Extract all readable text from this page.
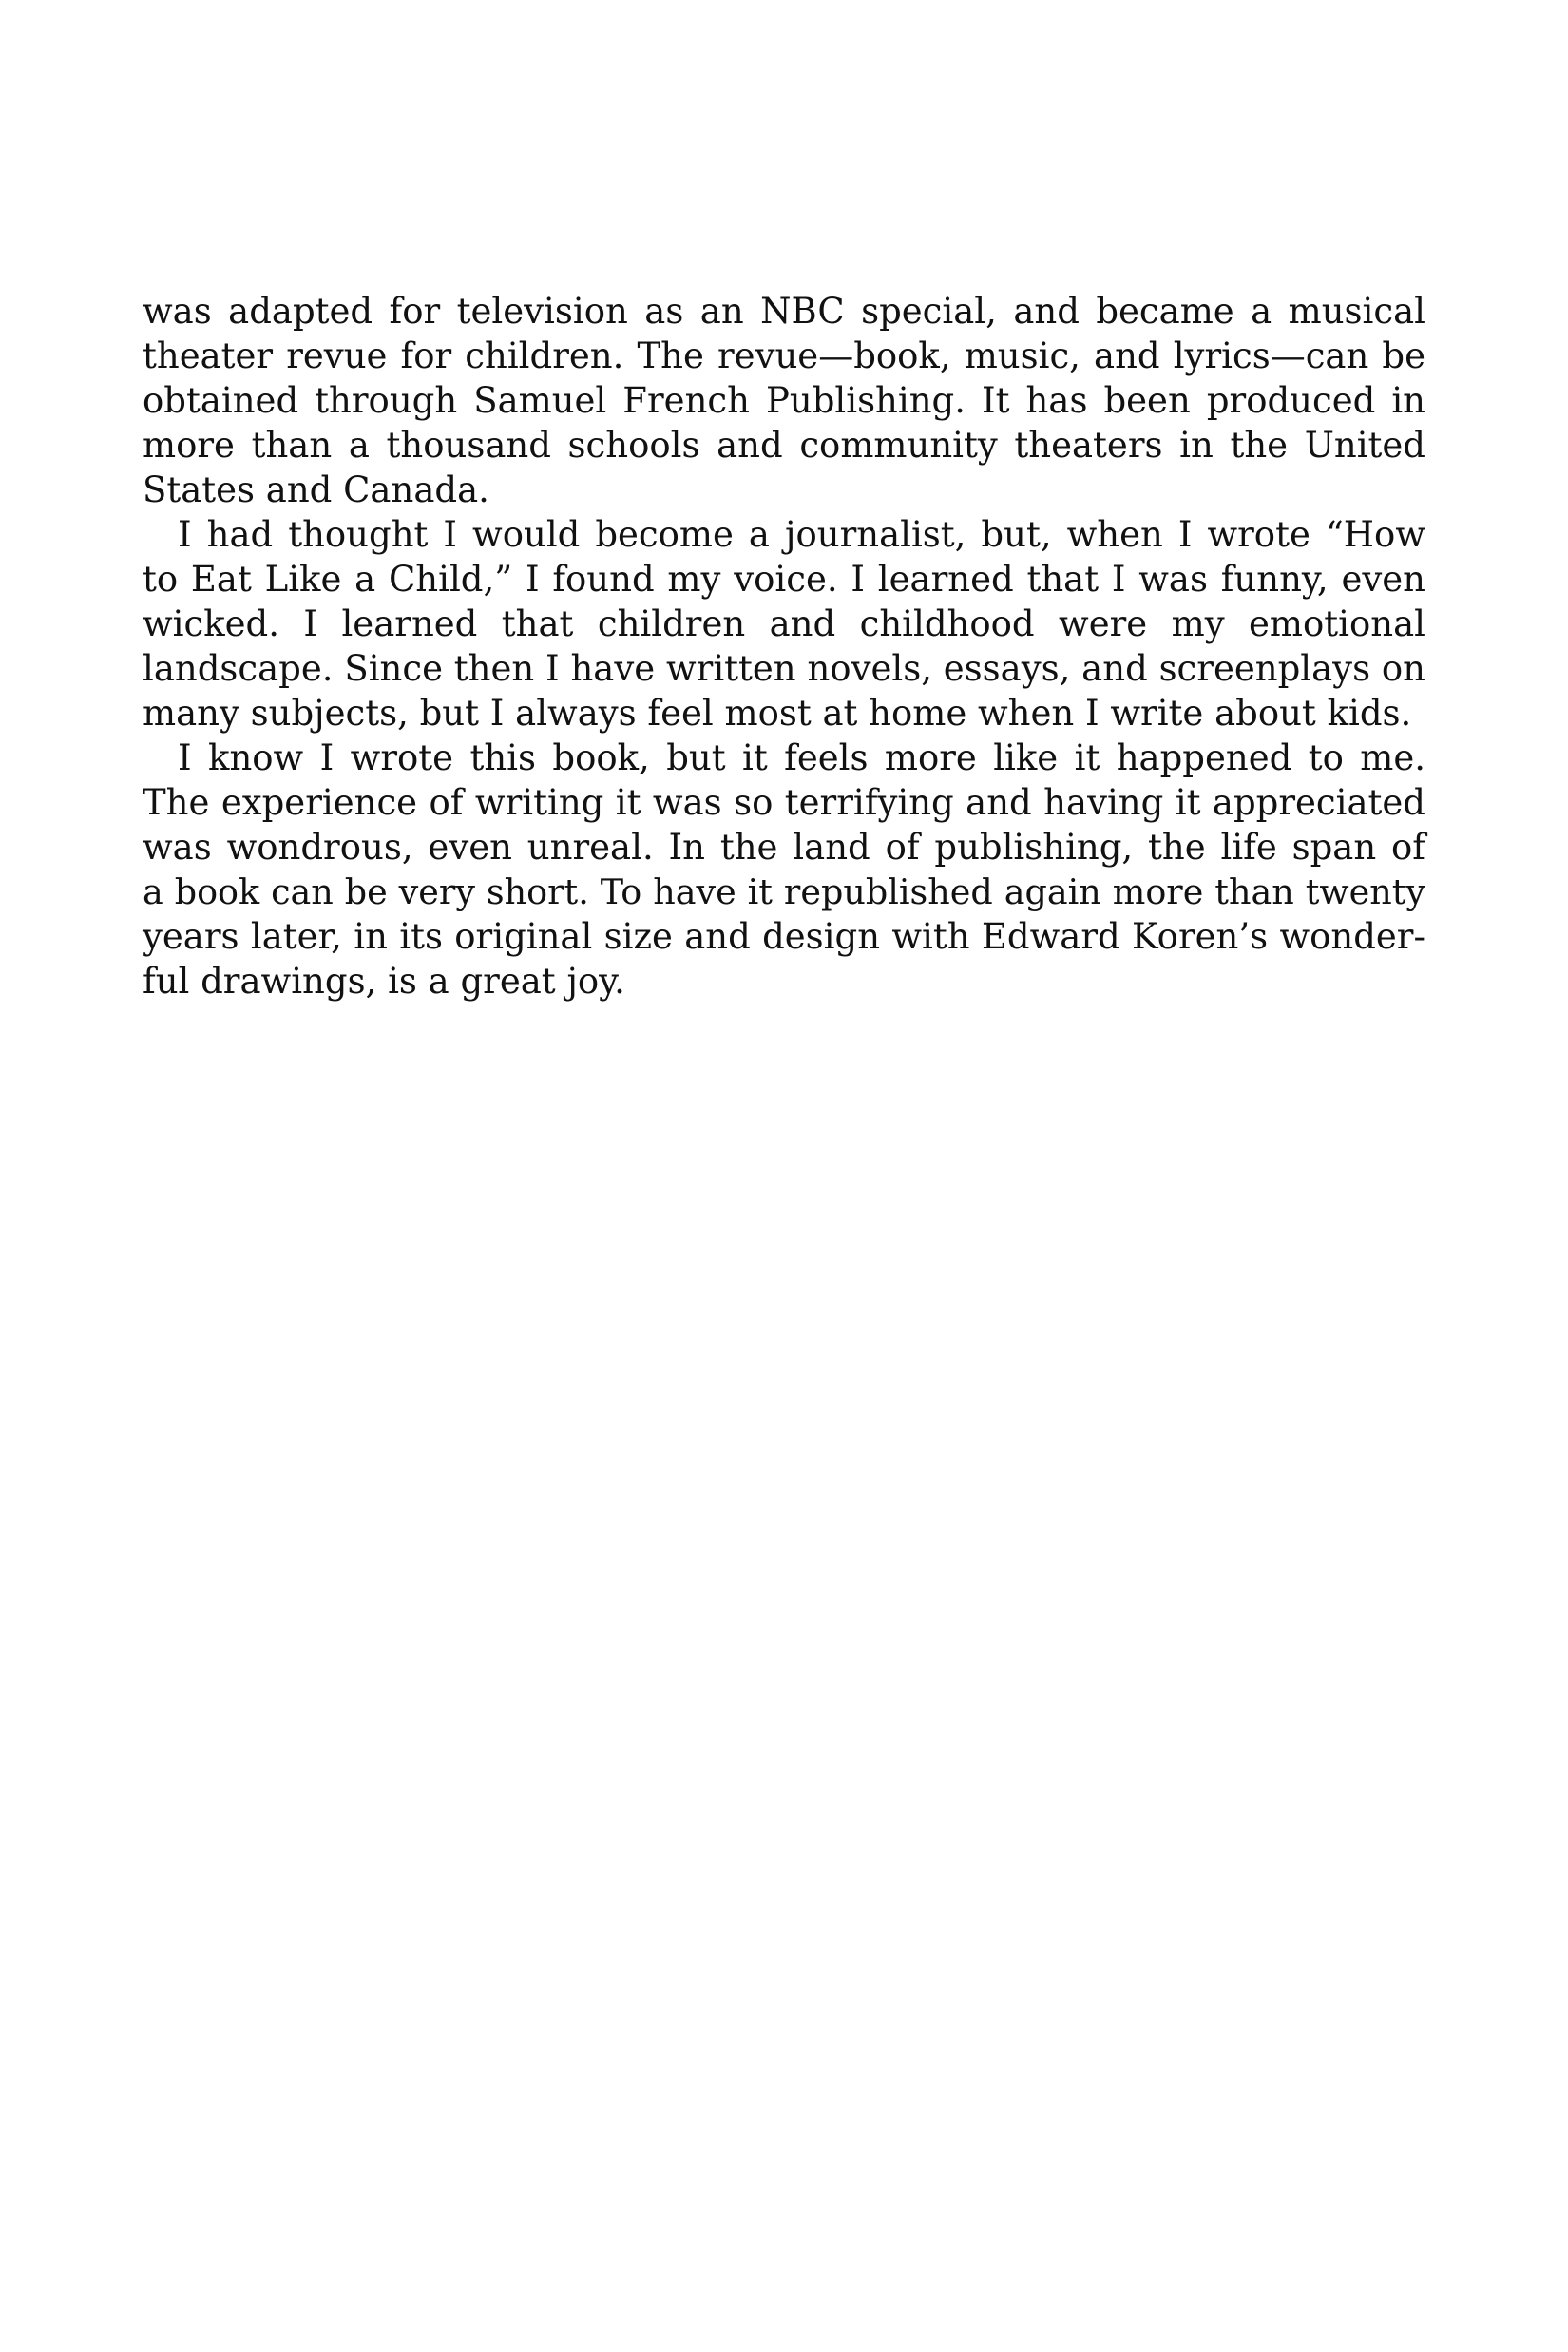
was adapted for television as an NBC special, and became a musical
theater revue for children. The revue—book, music, and lyrics—can be
obtained through Samuel French Publishing. It has been produced in
more than a thousand schools and community theaters in the United
States and Canada.
I had thought I would become a journalist, but, when I wrote “How
to Eat Like a Child,” I found my voice. I learned that I was funny, even
wicked. I learned that children and childhood were my emotional
landscape. Since then I have written novels, essays, and screenplays on
many subjects, but I always feel most at home when I write about kids.
I know I wrote this book, but it feels more like it happened to me.
The experience of writing it was so terrifying and having it appreciated
was wondrous, even unreal. In the land of publishing, the life span of
a book can be very short. To have it republished again more than twenty
years later, in its original size and design with Edward Koren’s wonder-
ful drawings, is a great joy.
